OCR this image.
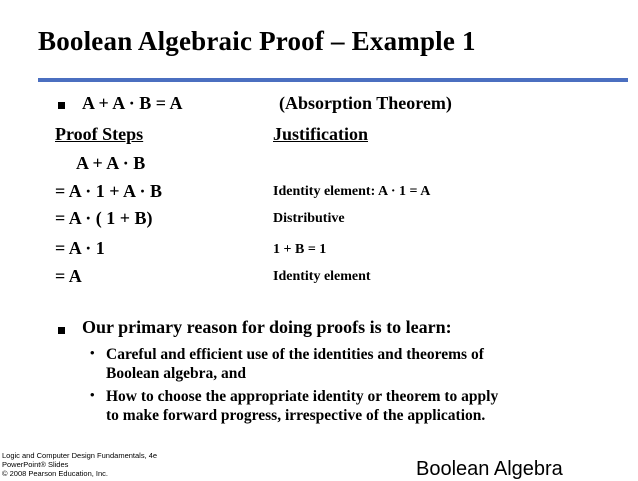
Boolean Algebraic Proof – Example 1
A + A · B = A	(Absorption Theorem)
Proof Steps	Justification
A + A · B
= A · 1 + A · B	Identity element: A · 1 = A
= A · ( 1 + B)	Distributive
= A · 1	1 + B = 1
= A	Identity element
Our primary reason for doing proofs is to learn:
• Careful and efficient use of the identities and theorems of
Boolean algebra, and
• How to choose the appropriate identity or theorem to apply
to make forward progress, irrespective of the application.
Logic and Computer Design Fundamentals, 4e
PowerPoint® Slides
© 2008 Pearson Education, Inc.	Boolean Algebra
